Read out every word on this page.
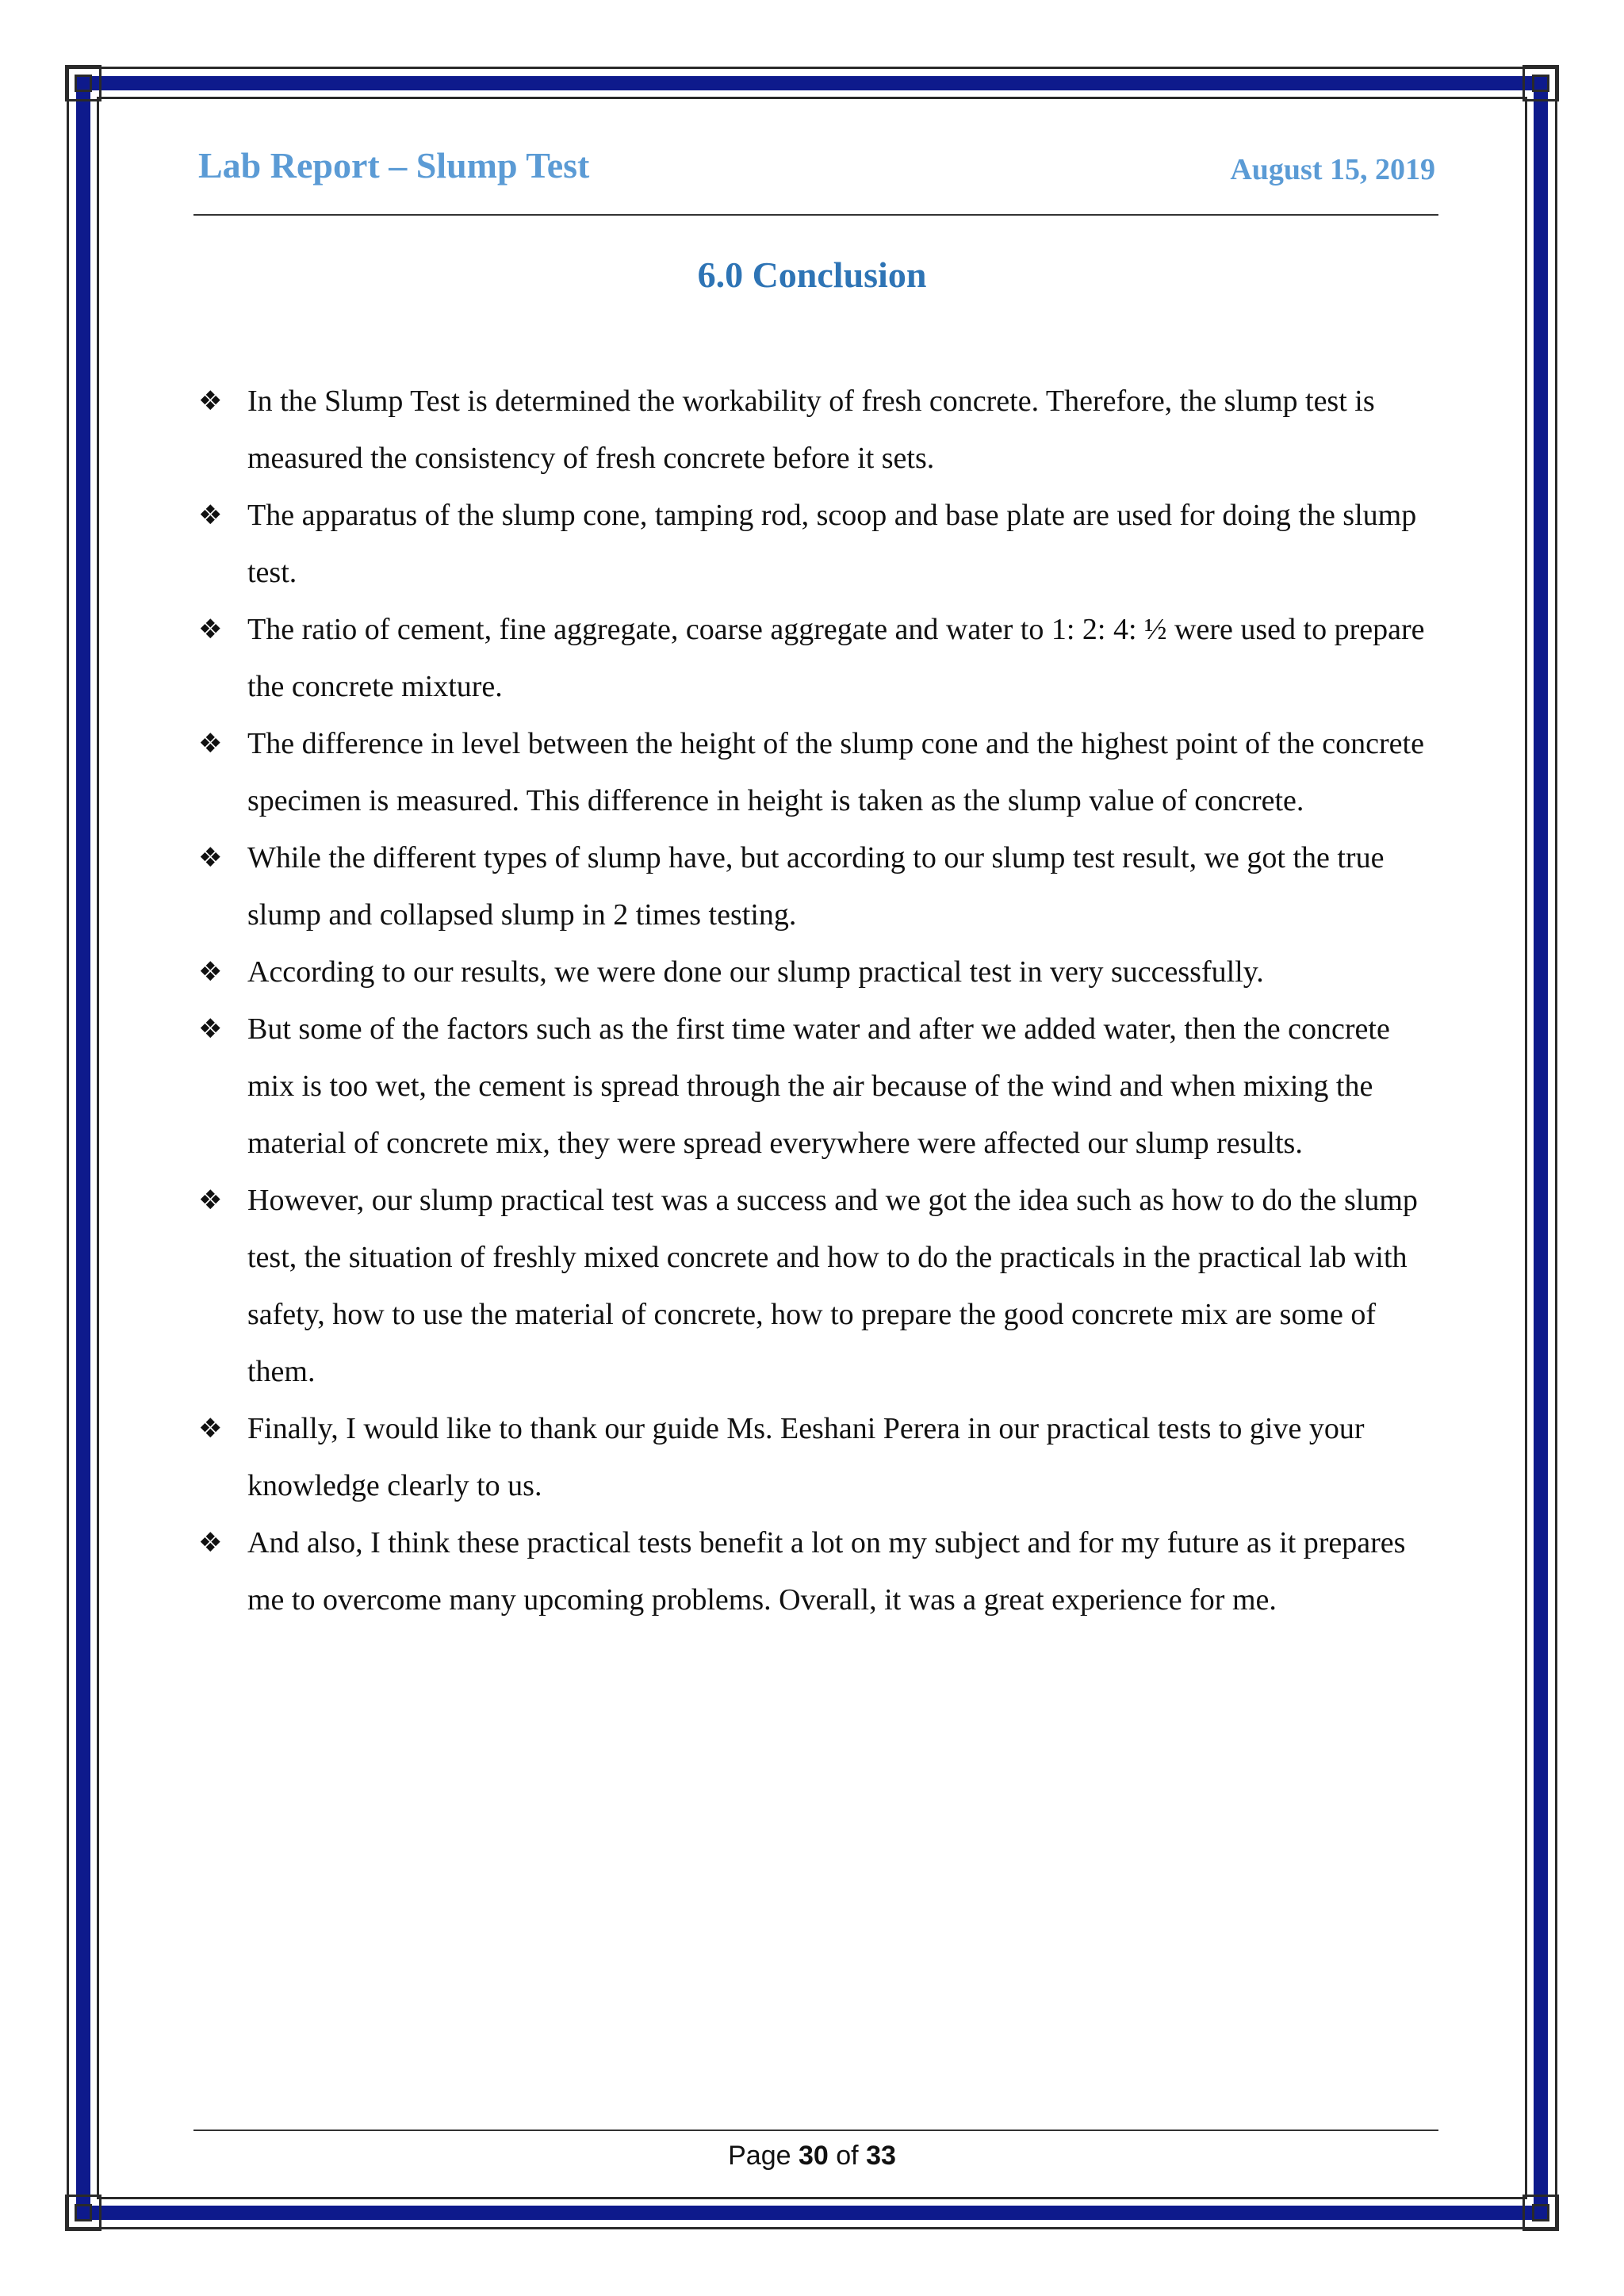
Lab Report – Slump Test	August 15, 2019
6.0 Conclusion
❖ In the Slump Test is determined the workability of fresh concrete. Therefore, the slump test is measured the consistency of fresh concrete before it sets.
❖ The apparatus of the slump cone, tamping rod, scoop and base plate are used for doing the slump test.
❖ The ratio of cement, fine aggregate, coarse aggregate and water to 1: 2: 4: ½ were used to prepare the concrete mixture.
❖ The difference in level between the height of the slump cone and the highest point of the concrete specimen is measured. This difference in height is taken as the slump value of concrete.
❖ While the different types of slump have, but according to our slump test result, we got the true slump and collapsed slump in 2 times testing.
❖ According to our results, we were done our slump practical test in very successfully.
❖ But some of the factors such as the first time water and after we added water, then the concrete mix is too wet, the cement is spread through the air because of the wind and when mixing the material of concrete mix, they were spread everywhere were affected our slump results.
❖ However, our slump practical test was a success and we got the idea such as how to do the slump test, the situation of freshly mixed concrete and how to do the practicals in the practical lab with safety, how to use the material of concrete, how to prepare the good concrete mix are some of them.
❖ Finally, I would like to thank our guide Ms. Eeshani Perera in our practical tests to give your knowledge clearly to us.
❖ And also, I think these practical tests benefit a lot on my subject and for my future as it prepares me to overcome many upcoming problems. Overall, it was a great experience for me.
Page 30 of 33
